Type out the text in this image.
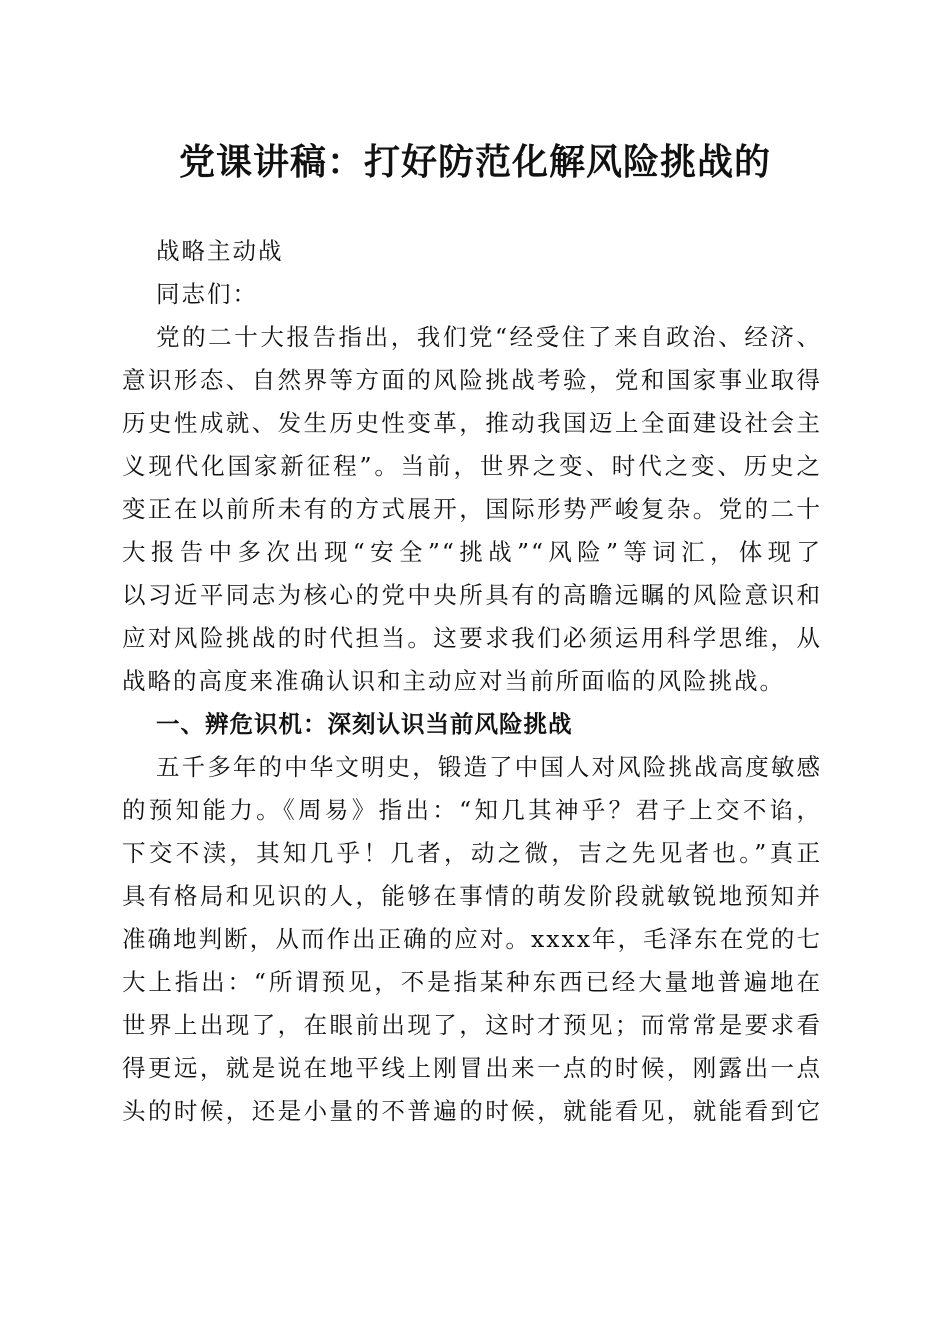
党课讲稿：打好防范化解风险挑战的
战略主动战
同志们：
党的二十大报告指出，我们党“经受住了来自政治、经济、
意识形态、自然界等方面的风险挑战考验，党和国家事业取得
历史性成就、发生历史性变革，推动我国迈上全面建设社会主
义现代化国家新征程”。当前，世界之变、时代之变、历史之
变正在以前所未有的方式展开，国际形势严峻复杂。党的二十
大报告中多次出现“安全”“挑战”“风险”等词汇，体现了
以习近平同志为核心的党中央所具有的高瞻远瞩的风险意识和
应对风险挑战的时代担当。这要求我们必须运用科学思维，从
战略的高度来准确认识和主动应对当前所面临的风险挑战。
一、辨危识机：深刻认识当前风险挑战
五千多年的中华文明史，锻造了中国人对风险挑战高度敏感
的预知能力。《周易》指出：“知几其神乎？君子上交不谄，
下交不渎，其知几乎！几者，动之微，吉之先见者也。”真正
具有格局和见识的人，能够在事情的萌发阶段就敏锐地预知并
准确地判断，从而作出正确的应对。xxxx年，毛泽东在党的七
大上指出：“所谓预见，不是指某种东西已经大量地普遍地在
世界上出现了，在眼前出现了，这时才预见；而常常是要求看
得更远，就是说在地平线上刚冒出来一点的时候，刚露出一点
头的时候，还是小量的不普遍的时候，就能看见，就能看到它
